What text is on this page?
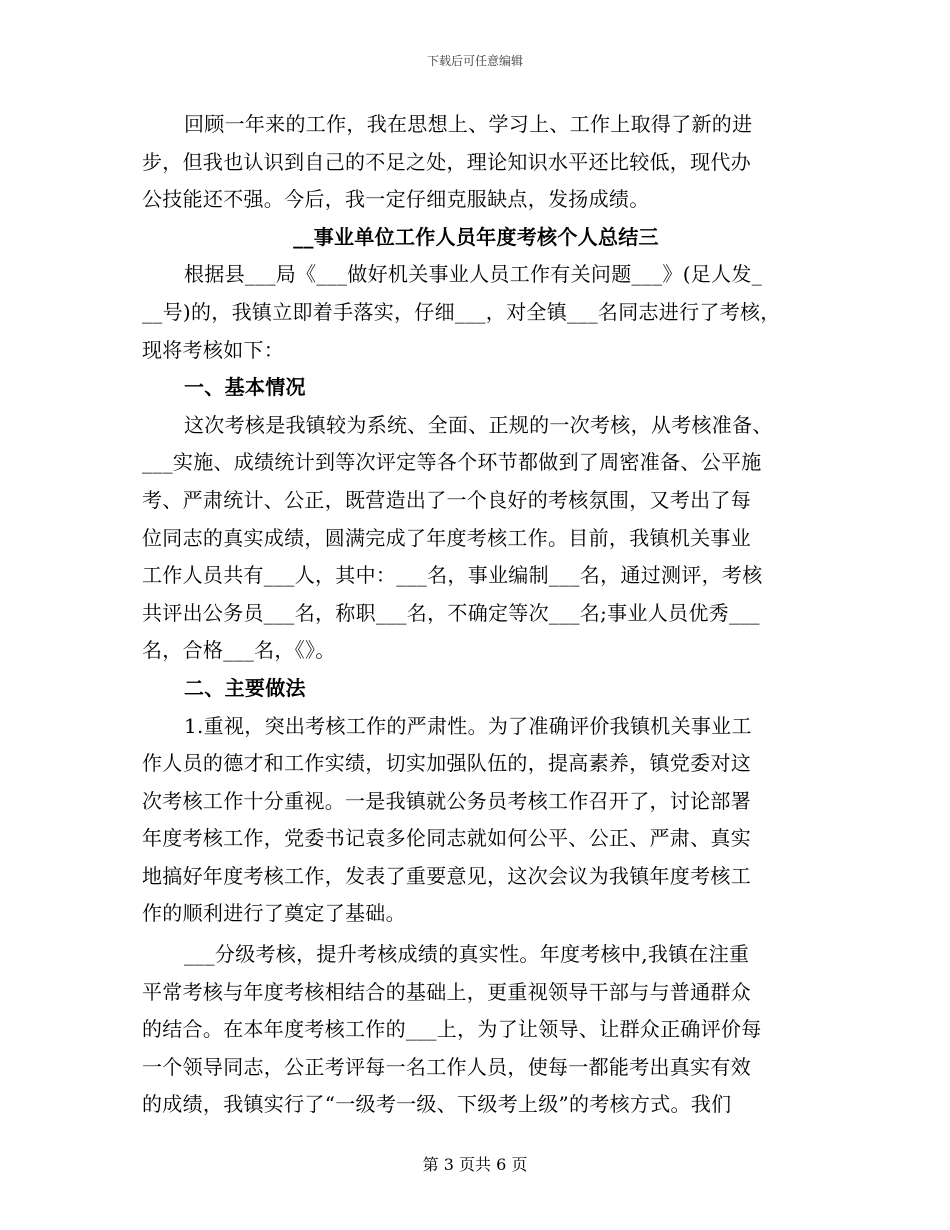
下载后可任意编辑

回顾一年来的工作，我在思想上、学习上、工作上取得了新的进

步，但我也认识到自己的不足之处，理论知识水平还比较低，现代办

公技能还不强。今后，我一定仔细克服缺点，发扬成绩。

__事业单位工作人员年度考核个人总结三

根据县___局《___做好机关事业人员工作有关问题___》(足人发_

__号)的，我镇立即着手落实，仔细___，对全镇___名同志进行了考核，

现将考核如下：

一、基本情况

这次考核是我镇较为系统、全面、正规的一次考核，从考核准备、

___实施、成绩统计到等次评定等各个环节都做到了周密准备、公平施

考、严肃统计、公正，既营造出了一个良好的考核氛围，又考出了每

位同志的真实成绩，圆满完成了年度考核工作。目前，我镇机关事业

工作人员共有___人，其中：___名，事业编制___名，通过测评，考核

共评出公务员___名，称职___名，不确定等次___名;事业人员优秀___

名，合格___名，《》。

二、主要做法

1.重视，突出考核工作的严肃性。为了准确评价我镇机关事业工

作人员的德才和工作实绩，切实加强队伍的，提高素养，镇党委对这

次考核工作十分重视。一是我镇就公务员考核工作召开了，讨论部署

年度考核工作，党委书记袁多伦同志就如何公平、公正、严肃、真实

地搞好年度考核工作，发表了重要意见，这次会议为我镇年度考核工

作的顺利进行了奠定了基础。

___分级考核，提升考核成绩的真实性。年度考核中,我镇在注重

平常考核与年度考核相结合的基础上，更重视领导干部与与普通群众

的结合。在本年度考核工作的___上，为了让领导、让群众正确评价每

一个领导同志，公正考评每一名工作人员，使每一都能考出真实有效

的成绩，我镇实行了“一级考一级、下级考上级”的考核方式。我们

第 3 页共 6 页
